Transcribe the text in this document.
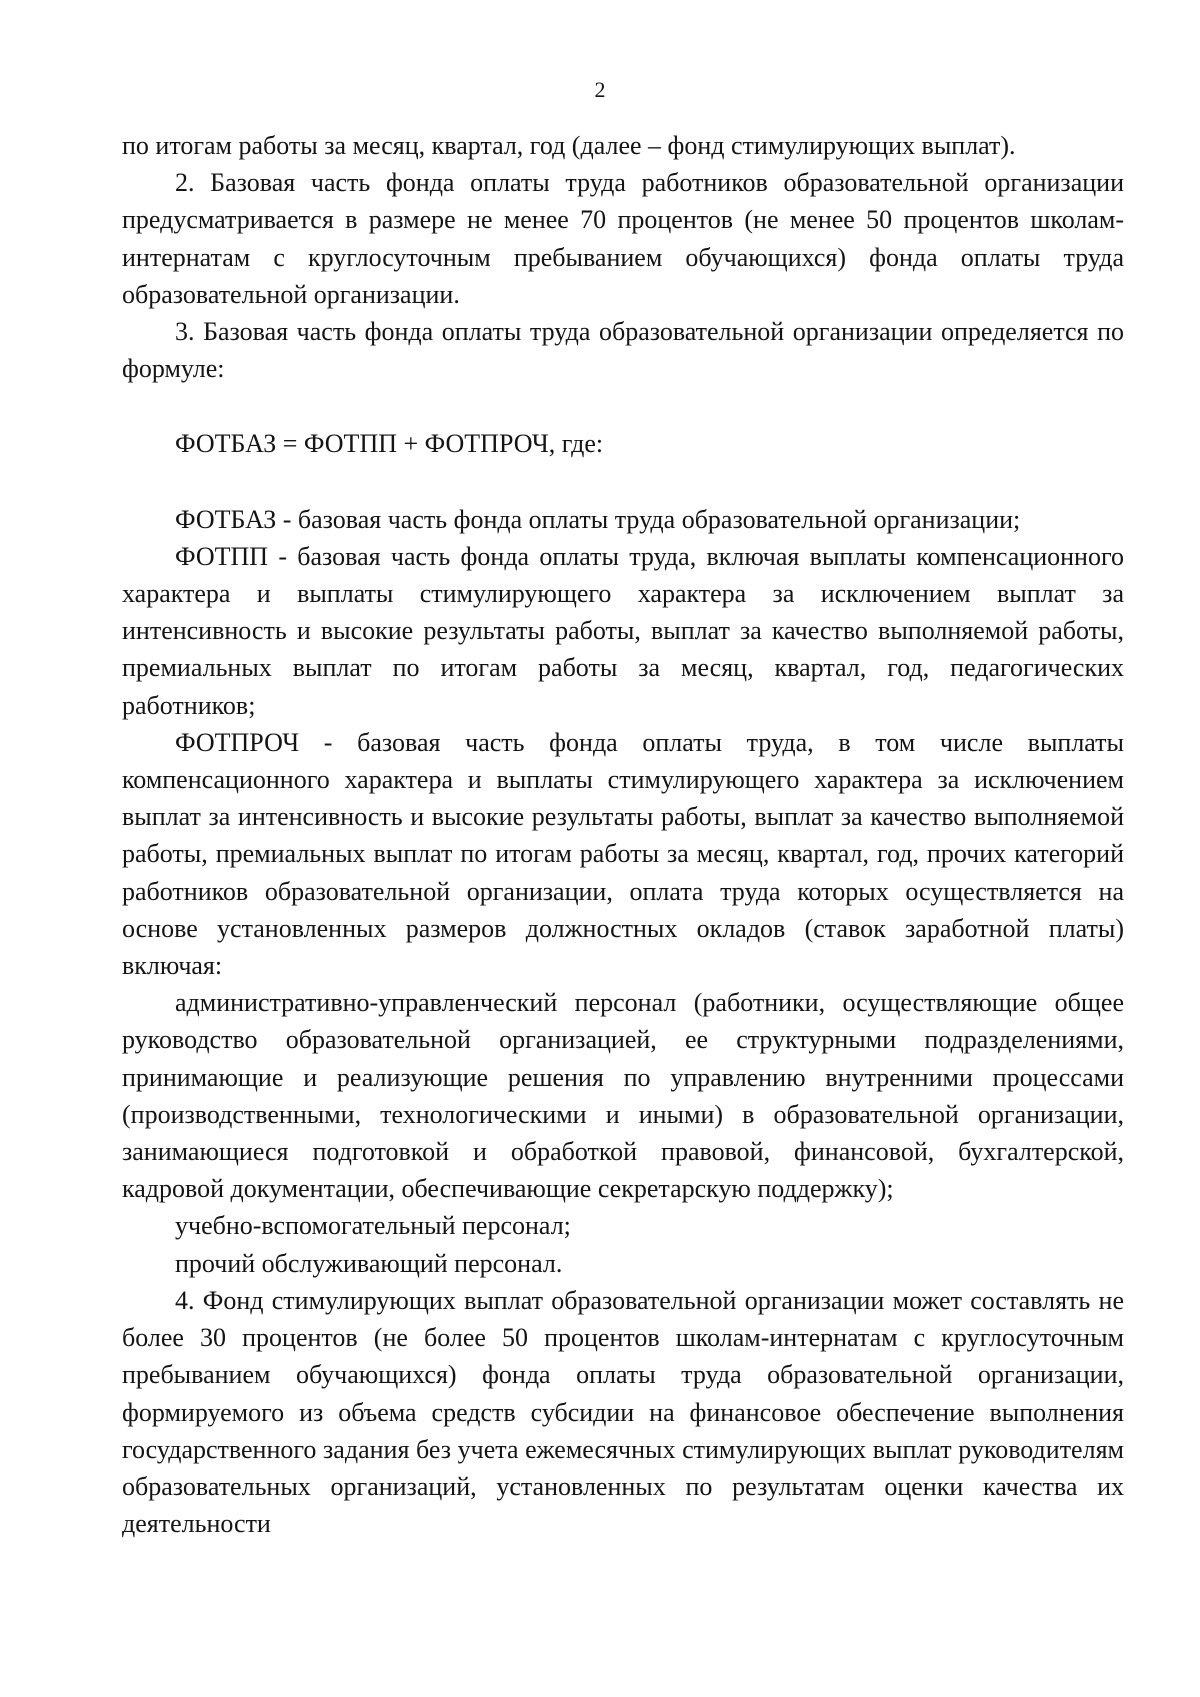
2

по итогам работы за месяц, квартал, год (далее – фонд стимулирующих выплат).

2. Базовая часть фонда оплаты труда работников образовательной организации предусматривается в размере не менее 70 процентов (не менее 50 процентов школам-интернатам с круглосуточным пребыванием обучающихся) фонда оплаты труда образовательной организации.

3. Базовая часть фонда оплаты труда образовательной организации определяется по формуле:

ФОТБАЗ = ФОТПП + ФОТПРОЧ, где:

ФОТБАЗ - базовая часть фонда оплаты труда образовательной организации;

ФОТПП - базовая часть фонда оплаты труда, включая выплаты компенсационного характера и выплаты стимулирующего характера за исключением выплат за интенсивность и высокие результаты работы, выплат за качество выполняемой работы, премиальных выплат по итогам работы за месяц, квартал, год, педагогических работников;

ФОТПРОЧ - базовая часть фонда оплаты труда, в том числе выплаты компенсационного характера и выплаты стимулирующего характера за исключением выплат за интенсивность и высокие результаты работы, выплат за качество выполняемой работы, премиальных выплат по итогам работы за месяц, квартал, год, прочих категорий работников образовательной организации, оплата труда которых осуществляется на основе установленных размеров должностных окладов (ставок заработной платы) включая:

административно-управленческий персонал (работники, осуществляющие общее руководство образовательной организацией, ее структурными подразделениями, принимающие и реализующие решения по управлению внутренними процессами (производственными, технологическими и иными) в образовательной организации, занимающиеся подготовкой и обработкой правовой, финансовой, бухгалтерской, кадровой документации, обеспечивающие секретарскую поддержку);

учебно-вспомогательный персонал;

прочий обслуживающий персонал.

4. Фонд стимулирующих выплат образовательной организации может составлять не более 30 процентов (не более 50 процентов школам-интернатам с круглосуточным пребыванием обучающихся) фонда оплаты труда образовательной организации, формируемого из объема средств субсидии на финансовое обеспечение выполнения государственного задания без учета ежемесячных стимулирующих выплат руководителям образовательных организаций, установленных по результатам оценки качества их деятельности
